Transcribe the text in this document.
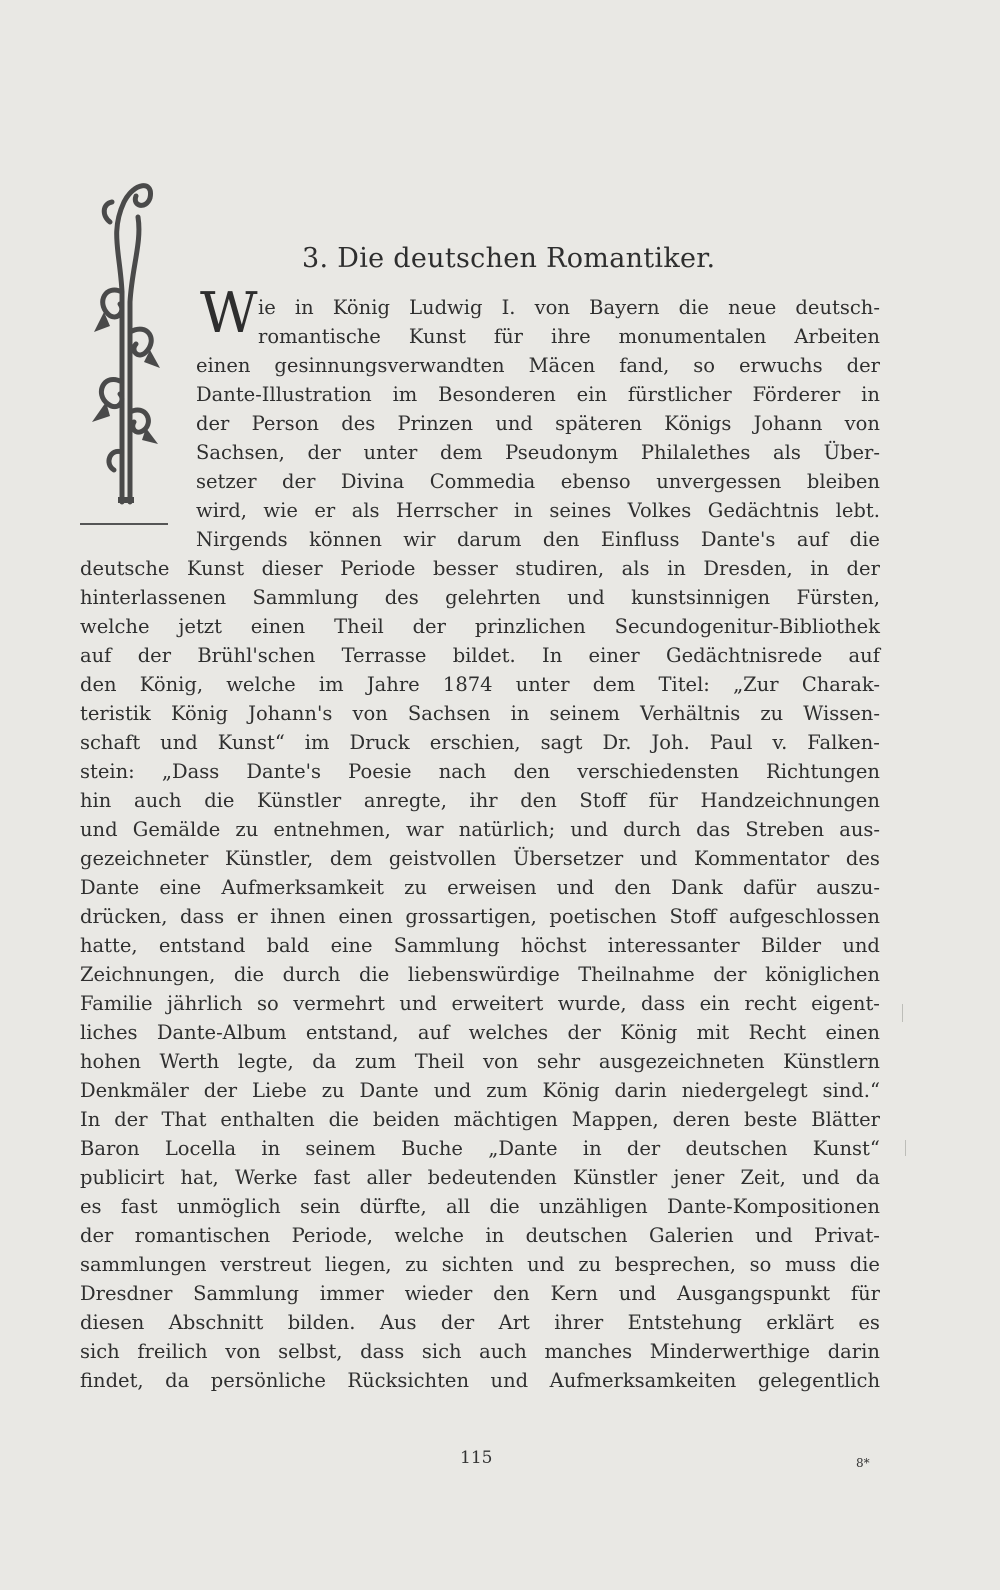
3. Die deutschen Romantiker.
W ie in König Ludwig I. von Bayern die neue deutsch-
romantische Kunst für ihre monumentalen Arbeiten
einen gesinnungsverwandten Mäcen fand, so erwuchs der
Dante-Illustration im Besonderen ein fürstlicher Förderer in
der Person des Prinzen und späteren Königs Johann von
Sachsen, der unter dem Pseudonym Philalethes als Über-
setzer der Divina Commedia ebenso unvergessen bleiben
wird, wie er als Herrscher in seines Volkes Gedächtnis lebt.
Nirgends können wir darum den Einfluss Dante's auf die
deutsche Kunst dieser Periode besser studiren, als in Dresden, in der
hinterlassenen Sammlung des gelehrten und kunstsinnigen Fürsten,
welche jetzt einen Theil der prinzlichen Secundogenitur-Bibliothek
auf der Brühl'schen Terrasse bildet. In einer Gedächtnisrede auf
den König, welche im Jahre 1874 unter dem Titel: „Zur Charak-
teristik König Johann's von Sachsen in seinem Verhältnis zu Wissen-
schaft und Kunst“ im Druck erschien, sagt Dr. Joh. Paul v. Falken-
stein: „Dass Dante's Poesie nach den verschiedensten Richtungen
hin auch die Künstler anregte, ihr den Stoff für Handzeichnungen
und Gemälde zu entnehmen, war natürlich; und durch das Streben aus-
gezeichneter Künstler, dem geistvollen Übersetzer und Kommentator des
Dante eine Aufmerksamkeit zu erweisen und den Dank dafür auszu-
drücken, dass er ihnen einen grossartigen, poetischen Stoff aufgeschlossen
hatte, entstand bald eine Sammlung höchst interessanter Bilder und
Zeichnungen, die durch die liebenswürdige Theilnahme der königlichen
Familie jährlich so vermehrt und erweitert wurde, dass ein recht eigent-
liches Dante-Album entstand, auf welches der König mit Recht einen
hohen Werth legte, da zum Theil von sehr ausgezeichneten Künstlern
Denkmäler der Liebe zu Dante und zum König darin niedergelegt sind.“
In der That enthalten die beiden mächtigen Mappen, deren beste Blätter
Baron Locella in seinem Buche „Dante in der deutschen Kunst“
publicirt hat, Werke fast aller bedeutenden Künstler jener Zeit, und da
es fast unmöglich sein dürfte, all die unzähligen Dante-Kompositionen
der romantischen Periode, welche in deutschen Galerien und Privat-
sammlungen verstreut liegen, zu sichten und zu besprechen, so muss die
Dresdner Sammlung immer wieder den Kern und Ausgangspunkt für
diesen Abschnitt bilden. Aus der Art ihrer Entstehung erklärt es
sich freilich von selbst, dass sich auch manches Minderwerthige darin
findet, da persönliche Rücksichten und Aufmerksamkeiten gelegentlich
115	8*
